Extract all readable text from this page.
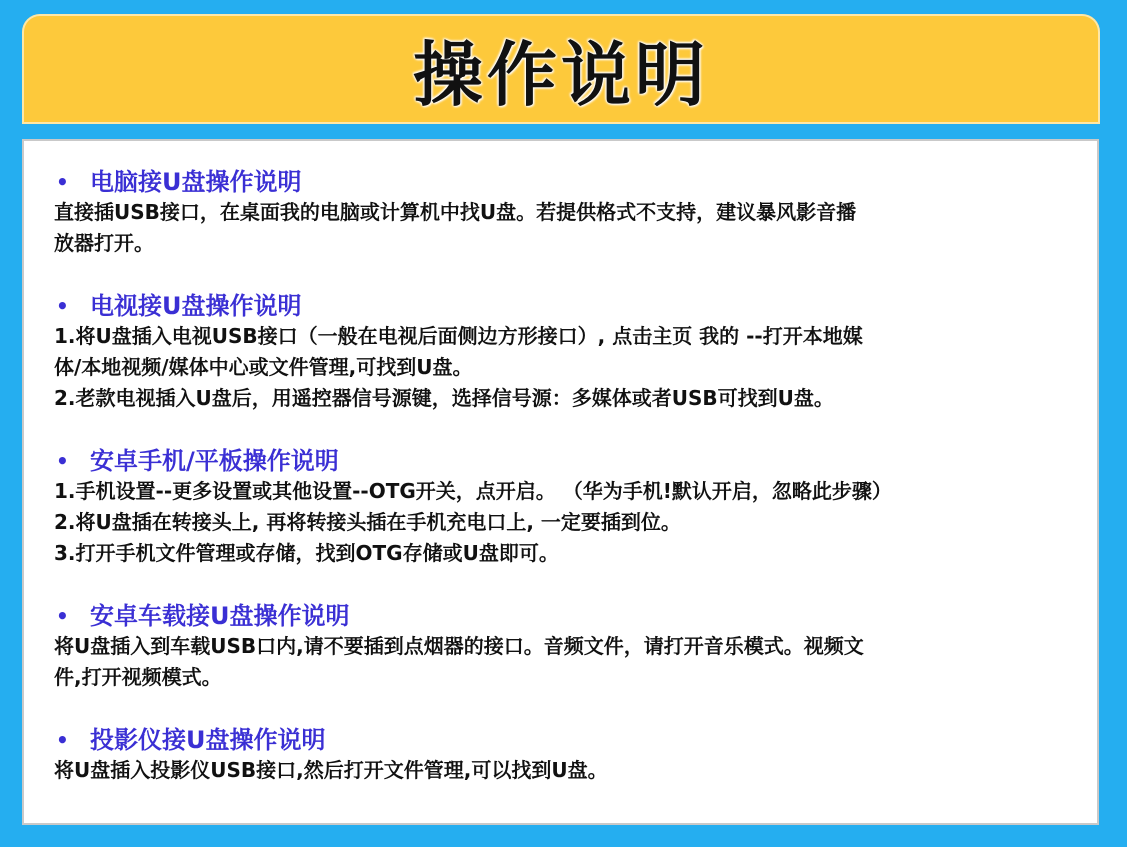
操作说明
• 电脑接U盘操作说明
直接插USB接口，在桌面我的电脑或计算机中找U盘。若提供格式不支持，建议暴风影音播
放器打开。
• 电视接U盘操作说明
1.将U盘插入电视USB接口（一般在电视后面侧边方形接口）, 点击主页 我的 --打开本地媒
体/本地视频/媒体中心或文件管理,可找到U盘。
2.老款电视插入U盘后，用遥控器信号源键，选择信号源：多媒体或者USB可找到U盘。
• 安卓手机/平板操作说明
1.手机设置--更多设置或其他设置--OTG开关，点开启。 （华为手机!默认开启，忽略此步骤）
2.将U盘插在转接头上, 再将转接头插在手机充电口上, 一定要插到位。
3.打开手机文件管理或存储，找到OTG存储或U盘即可。
• 安卓车载接U盘操作说明
将U盘插入到车载USB口内,请不要插到点烟器的接口。音频文件，请打开音乐模式。视频文
件,打开视频模式。
• 投影仪接U盘操作说明
将U盘插入投影仪USB接口,然后打开文件管理,可以找到U盘。
